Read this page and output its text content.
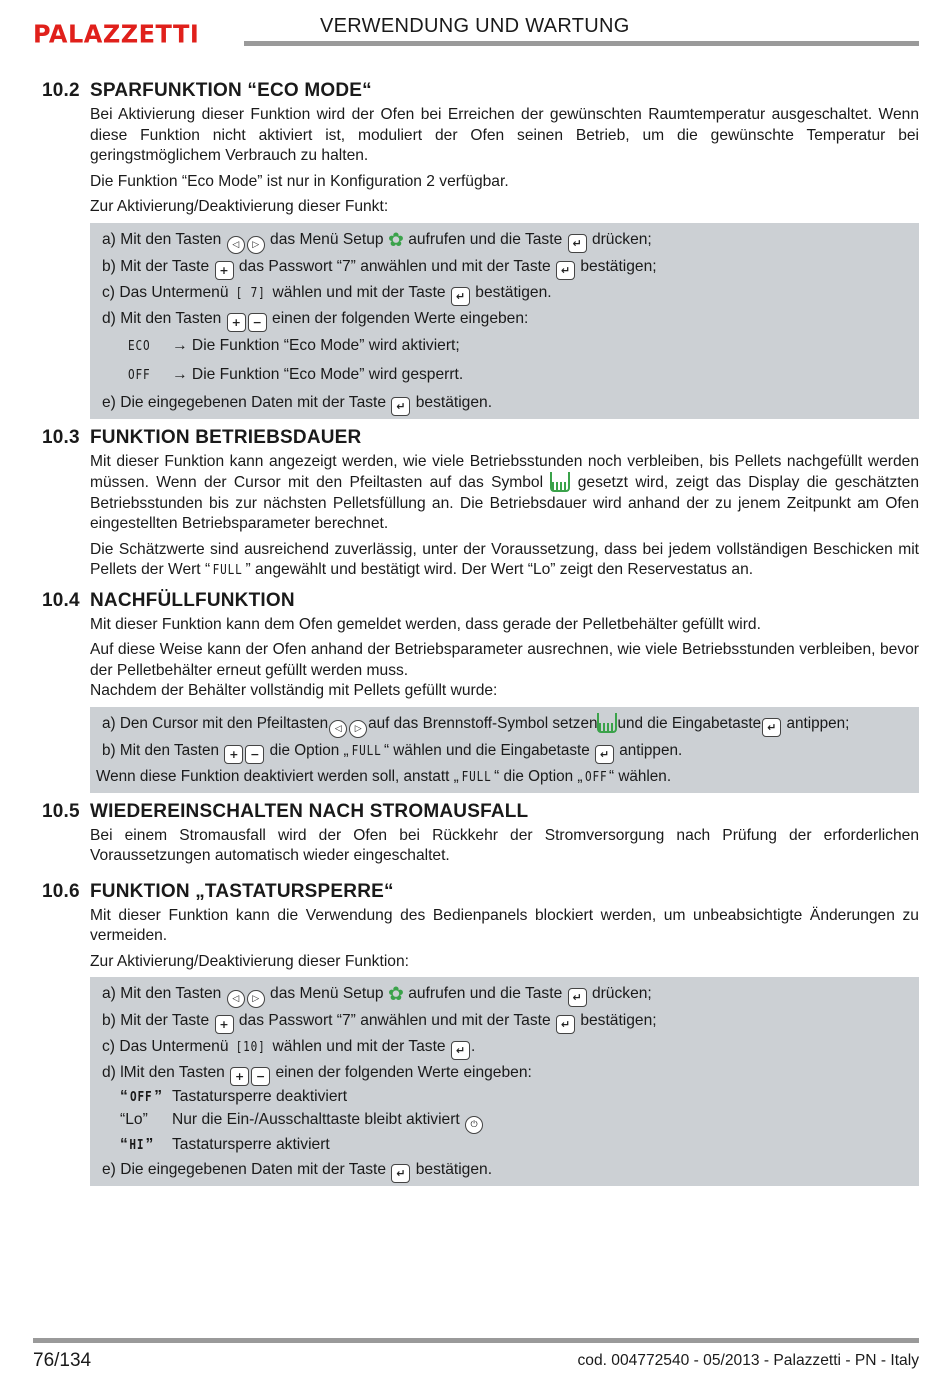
PALAZZETTI	VERWENDUNG UND WARTUNG
10.2 SPARFUNKTION “ECO MODE“

Bei Aktivierung dieser Funktion wird der Ofen bei Erreichen der gewünschten Raumtemperatur ausgeschaltet. Wenn diese Funktion nicht aktiviert ist, moduliert der Ofen seinen Betrieb, um die gewünschte Temperatur bei geringstmöglichem Verbrauch zu halten.

Die Funktion “Eco Mode” ist nur in Konfiguration 2 verfügbar.

Zur Aktivierung/Deaktivierung dieser Funkt:

a) Mit den Tasten ◁ ▷ das Menü Setup ✿ aufrufen und die Taste ↵ drücken;
b) Mit der Taste + das Passwort “7” anwählen und mit der Taste ↵ bestätigen;
c) Das Untermenü [ 7] wählen und mit der Taste ↵ bestätigen.
d) Mit den Tasten + − einen der folgenden Werte eingeben:
ECO → Die Funktion “Eco Mode” wird aktiviert;
OFF → Die Funktion “Eco Mode” wird gesperrt.
e) Die eingegebenen Daten mit der Taste ↵ bestätigen.
10.3 FUNKTION BETRIEBSDAUER

Mit dieser Funktion kann angezeigt werden, wie viele Betriebsstunden noch verbleiben, bis Pellets nachgefüllt werden müssen. Wenn der Cursor mit den Pfeiltasten auf das Symbol gesetzt wird, zeigt das Display die geschätzten Betriebsstunden bis zur nächsten Pelletsfüllung an. Die Betriebsdauer wird anhand der zu jenem Zeitpunkt am Ofen eingestellten Betriebsparameter berechnet.

Die Schätzwerte sind ausreichend zuverlässig, unter der Voraussetzung, dass bei jedem vollständigen Beschicken mit Pellets der Wert “ FULL ” angewählt und bestätigt wird. Der Wert “Lo” zeigt den Reservestatus an.

10.4 NACHFÜLLFUNKTION

Mit dieser Funktion kann dem Ofen gemeldet werden, dass gerade der Pelletbehälter gefüllt wird.

Auf diese Weise kann der Ofen anhand der Betriebsparameter ausrechnen, wie viele Betriebsstunden verbleiben, bevor der Pelletbehälter erneut gefüllt werden muss.

Nachdem der Behälter vollständig mit Pellets gefüllt wurde:

a) Den Cursor mit den Pfeiltasten ◁ ▷ auf das Brennstoff-Symbol setzen und die Eingabetaste ↵ antippen;
b) Mit den Tasten + − die Option „ FULL “ wählen und die Eingabetaste ↵ antippen.
Wenn diese Funktion deaktiviert werden soll, anstatt „ FULL “ die Option „ OFF “ wählen.
10.5 WIEDEREINSCHALTEN NACH STROMAUSFALL

Bei einem Stromausfall wird der Ofen bei Rückkehr der Stromversorgung nach Prüfung der erforderlichen Voraussetzungen automatisch wieder eingeschaltet.

10.6 FUNKTION „TASTATURSPERRE“

Mit dieser Funktion kann die Verwendung des Bedienpanels blockiert werden, um unbeabsichtigte Änderungen zu vermeiden.

Zur Aktivierung/Deaktivierung dieser Funktion:

a) Mit den Tasten ◁ ▷ das Menü Setup ✿ aufrufen und die Taste ↵ drücken;
b) Mit der Taste + das Passwort “7” anwählen und mit der Taste ↵ bestätigen;
c) Das Untermenü [10] wählen und mit der Taste ↵ .
d) lMit den Tasten + − einen der folgenden Werte eingeben:
“ OFF ” Tastatursperre deaktiviert
“Lo” Nur die Ein-/Ausschalttaste bleibt aktiviert ⏻
“HI” Tastatursperre aktiviert
e) Die eingegebenen Daten mit der Taste ↵ bestätigen.
76/134	cod. 004772540 - 05/2013 - Palazzetti - PN - Italy
